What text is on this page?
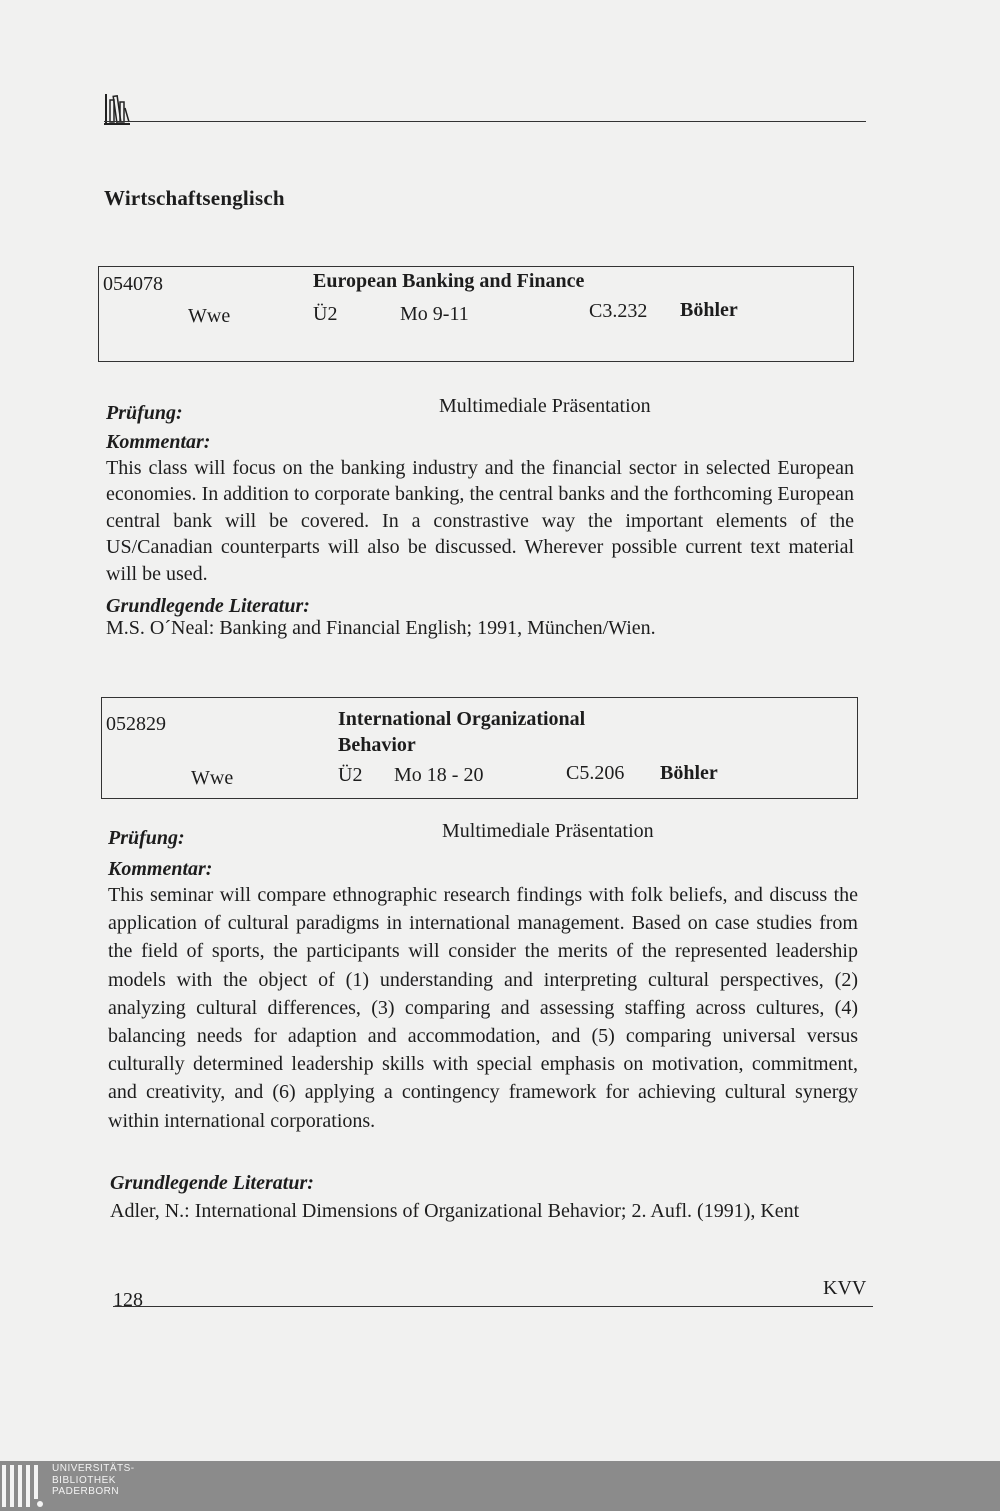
Wirtschaftsenglisch
054078	European Banking and Finance
Wwe	Ü2	Mo 9-11	C3.232 Böhler
Prüfung:	Multimediale Präsentation
Kommentar:
This class will focus on the banking industry and the financial sector in selected European economies. In addition to corporate banking, the central banks and the forthcoming European central bank will be covered. In a constrastive way the important elements of the US/Canadian counterparts will also be discussed. Wherever possible current text material will be used.
Grundlegende Literatur:
M.S. O´Neal: Banking and Financial English; 1991, München/Wien.
052829	International Organizational
Behavior
Wwe	Ü2 Mo 18 - 20	C5.206 Böhler
Prüfung:	Multimediale Präsentation
Kommentar:
This seminar will compare ethnographic research findings with folk beliefs, and discuss the application of cultural paradigms in international management. Based on case studies from the field of sports, the participants will consider the merits of the represented leadership models with the object of (1) understanding and interpreting cultural perspectives, (2) analyzing cultural differences, (3) comparing and assessing staffing across cultures, (4) balancing needs for adaption and accommodation, and (5) comparing universal versus culturally determined leadership skills with special emphasis on motivation, commitment, and creativity, and (6) applying a contingency framework for achieving cultural synergy within international corporations.
Grundlegende Literatur:
Adler, N.: International Dimensions of Organizational Behavior; 2. Aufl. (1991), Kent
KVV
128
UNIVERSITÄTS-
BIBLIOTHEK
PADERBORN
